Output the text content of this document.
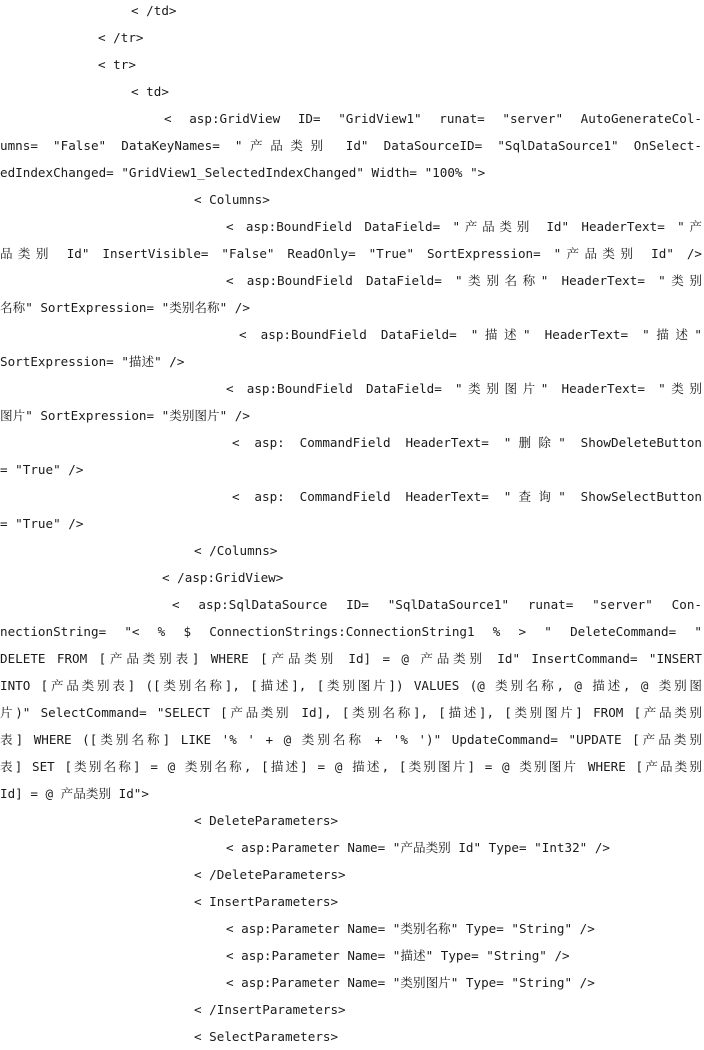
< /td>
< /tr>
< tr>
< td>
< asp:GridView ID= "GridView1" runat= "server" AutoGenerateCol-
umns= "False" DataKeyNames= "产品类别 Id" DataSourceID= "SqlDataSource1" OnSelect-
edIndexChanged= "GridView1_SelectedIndexChanged" Width= "100% ">
< Columns>
< asp:BoundField DataField= "产品类别 Id" HeaderText= "产
品类别 Id" InsertVisible= "False" ReadOnly= "True" SortExpression= "产品类别 Id" />
< asp:BoundField DataField= "类别名称" HeaderText= "类别
名称" SortExpression= "类别名称" />
< asp:BoundField DataField= "描述" HeaderText= "描述"
SortExpression= "描述" />
< asp:BoundField DataField= "类别图片" HeaderText= "类别
图片" SortExpression= "类别图片" />
< asp: CommandField HeaderText= "删除" ShowDeleteButton
= "True" />
< asp: CommandField HeaderText= "查询" ShowSelectButton
= "True" />
< /Columns>
< /asp:GridView>
< asp:SqlDataSource ID= "SqlDataSource1" runat= "server" Con-
nectionString= "< % $ ConnectionStrings:ConnectionString1 % > " DeleteCommand= "
DELETE FROM [产品类别表] WHERE [产品类别 Id] = @ 产品类别 Id" InsertCommand= "INSERT
INTO [产品类别表] ([类别名称], [描述], [类别图片]) VALUES (@ 类别名称, @ 描述, @ 类别图
片)" SelectCommand= "SELECT [产品类别 Id], [类别名称], [描述], [类别图片] FROM [产品类别
表] WHERE ([类别名称] LIKE '% ' + @ 类别名称 + '% ')" UpdateCommand= "UPDATE [产品类别
表] SET [类别名称] = @ 类别名称, [描述] = @ 描述, [类别图片] = @ 类别图片 WHERE [产品类别
Id] = @ 产品类别 Id">
< DeleteParameters>
< asp:Parameter Name= "产品类别 Id" Type= "Int32" />
< /DeleteParameters>
< InsertParameters>
< asp:Parameter Name= "类别名称" Type= "String" />
< asp:Parameter Name= "描述" Type= "String" />
< asp:Parameter Name= "类别图片" Type= "String" />
< /InsertParameters>
< SelectParameters>
